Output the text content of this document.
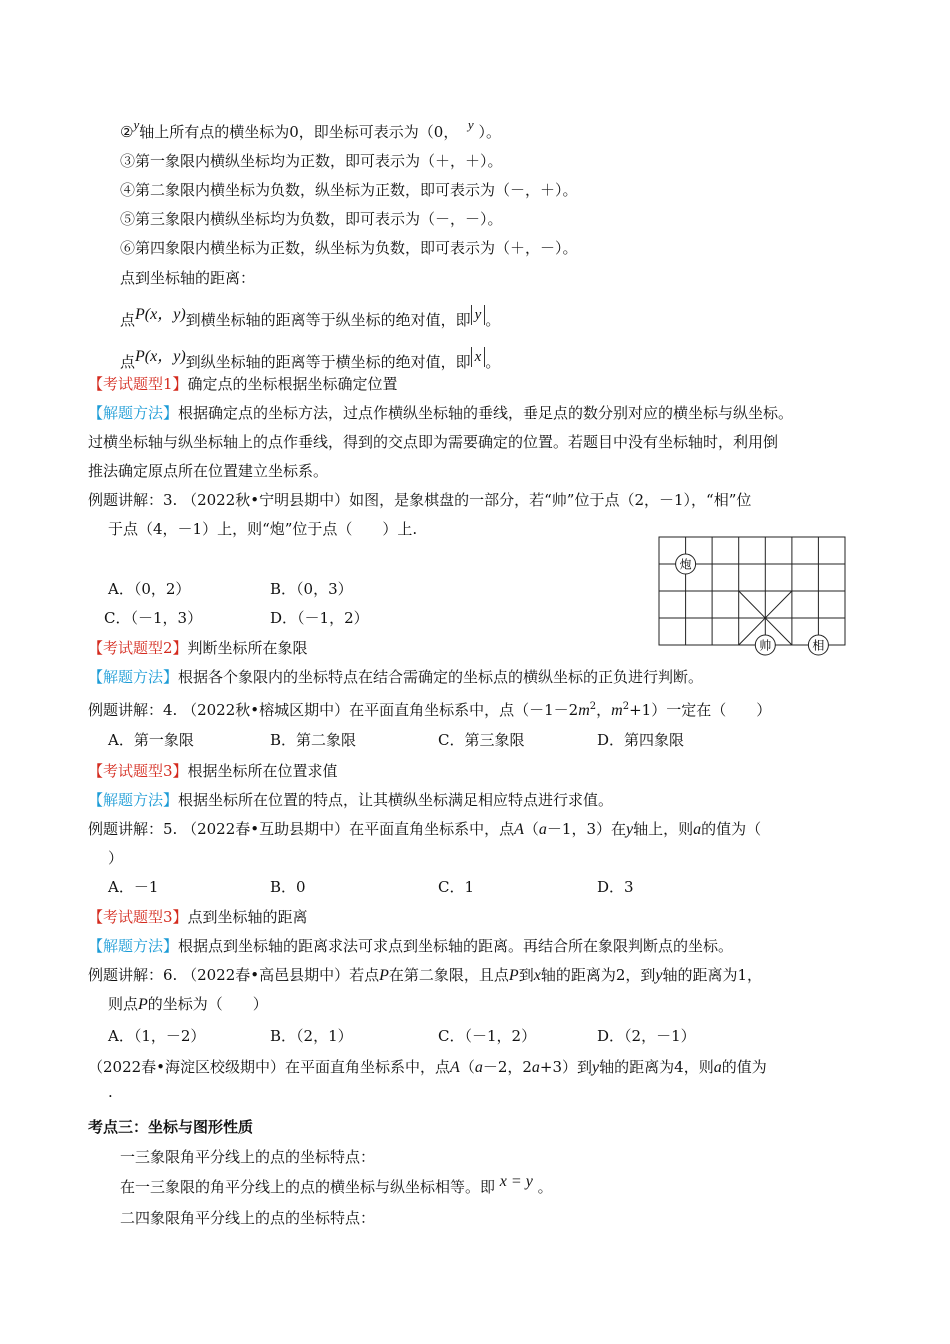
②y轴上所有点的横坐标为0，即坐标可表示为（0， y ）。
③第一象限内横纵坐标均为正数，即可表示为（＋，＋）。
④第二象限内横坐标为负数，纵坐标为正数，即可表示为（－，＋）。
⑤第三象限内横纵坐标均为负数，即可表示为（－，－）。
⑥第四象限内横坐标为正数，纵坐标为负数，即可表示为（＋，－）。
点到坐标轴的距离：
点P(x，y)到横坐标轴的距离等于纵坐标的绝对值，即 y 。
点P(x，y)到纵坐标轴的距离等于横坐标的绝对值，即 x 。
【考试题型1】确定点的坐标根据坐标确定位置
【解题方法】根据确定点的坐标方法，过点作横纵坐标轴的垂线，垂足点的数分别对应的横坐标与纵坐标。
过横坐标轴与纵坐标轴上的点作垂线，得到的交点即为需要确定的位置。若题目中没有坐标轴时，利用倒
推法确定原点所在位置建立坐标系。
例题讲解：3. （2022秋•宁明县期中）如图，是象棋盘的一部分，若“帅”位于点（2，－1），“相”位
于点（4，－1）上，则“炮”位于点（　　）上.
A．（0，2）	B．（0，3）
C．（－1，3）	D．（－1，2）
炮
帅	相
【考试题型2】判断坐标所在象限
【解题方法】根据各个象限内的坐标特点在结合需确定的坐标点的横纵坐标的正负进行判断。
例题讲解：4. （2022秋•榕城区期中）在平面直角坐标系中，点（$-1-2m^2$，$m^2+1$）一定在（　　）
A．第一象限	B．第二象限	C．第三象限	D．第四象限
【考试题型3】根据坐标所在位置求值
【解题方法】根据坐标所在位置的特点，让其横纵坐标满足相应特点进行求值。
例题讲解：5. （2022春•互助县期中）在平面直角坐标系中，点A（a－1，3）在y轴上，则a的值为（
）
A．－1	B．0	C．1	D．3
【考试题型3】点到坐标轴的距离
【解题方法】根据点到坐标轴的距离求法可求点到坐标轴的距离。再结合所在象限判断点的坐标。
例题讲解：6. （2022春•高邑县期中）若点P在第二象限，且点P到x轴的距离为2，到y轴的距离为1，
则点P的坐标为（　　）
A．（1，－2）	B．（2，1）	C．（－1，2）	D．（2，－1）
（2022春•海淀区校级期中）在平面直角坐标系中，点A（a－2，2a+3）到y轴的距离为4，则a的值为
.
考点三：坐标与图形性质
一三象限角平分线上的点的坐标特点：
在一三象限的角平分线上的点的横坐标与纵坐标相等。即 x = y 。
二四象限角平分线上的点的坐标特点：
